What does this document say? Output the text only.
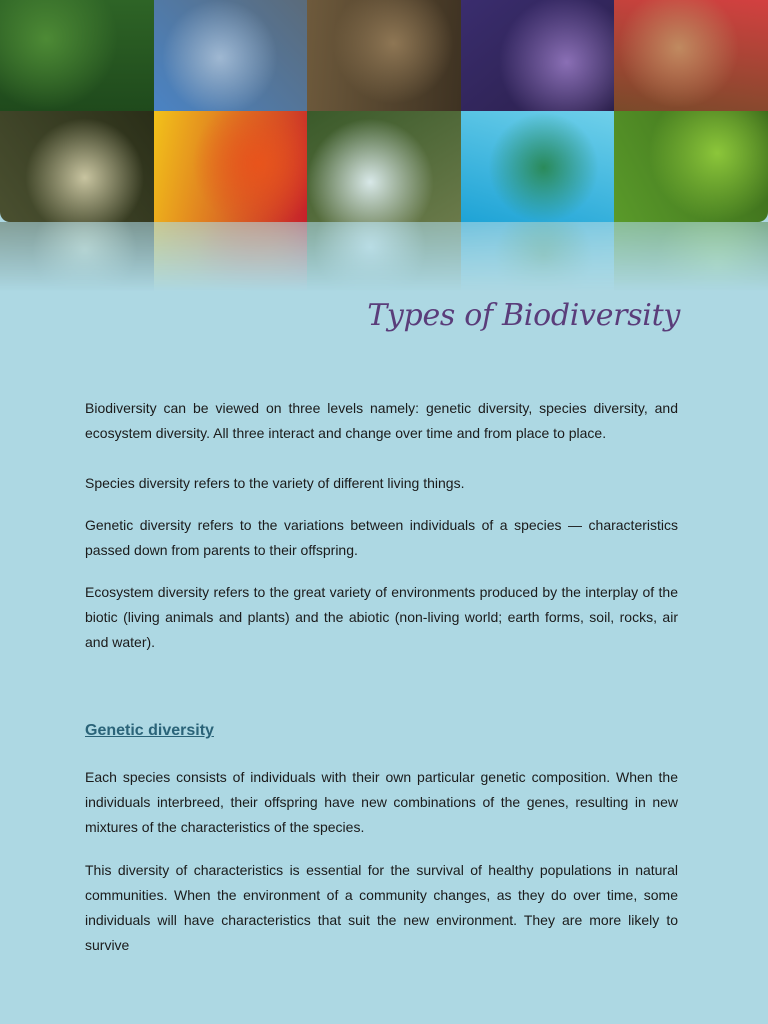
Types of Biodiversity

Biodiversity can be viewed on three levels namely: genetic diversity, species diversity, and ecosystem diversity. All three interact and change over time and from place to place.

Species diversity refers to the variety of different living things.

Genetic diversity refers to the variations between individuals of a species — characteristics passed down from parents to their offspring.

Ecosystem diversity refers to the great variety of environments produced by the interplay of the biotic (living animals and plants) and the abiotic (non-living world; earth forms, soil, rocks, air and water).

Genetic diversity

Each species consists of individuals with their own particular genetic composition. When the individuals interbreed, their offspring have new combinations of the genes, resulting in new mixtures of the characteristics of the species.

This diversity of characteristics is essential for the survival of healthy populations in natural communities. When the environment of a community changes, as they do over time, some individuals will have characteristics that suit the new environment. They are more likely to survive
